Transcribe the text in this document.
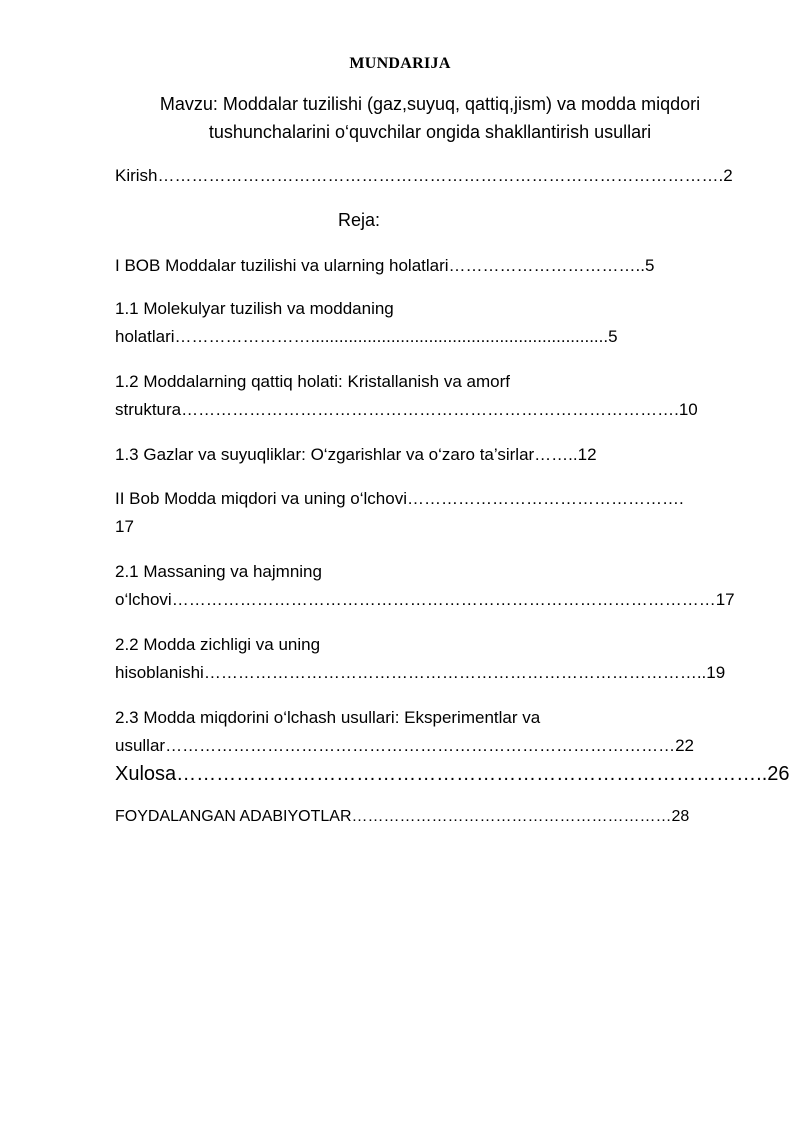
MUNDARIJA
Mavzu: Moddalar tuzilishi (gaz,suyuq, qattiq,jism) va modda miqdori
tushunchalarini o‘quvchilar ongida shakllantirish usullari
Kirish……………………………………………………………………………………….2
Reja:
I BOB Moddalar tuzilishi va ularning holatlari……………………………..5
1.1 Molekulyar tuzilish va moddaning
holatlari……………………...............................................................5
1.2 Moddalarning qattiq holati: Kristallanish va amorf
struktura…………………………………………………………………………….10
1.3 Gazlar va suyuqliklar: O‘zgarishlar va o‘zaro ta’sirlar……..12
II Bob Modda miqdori va uning o‘lchovi………………………………………….
17
2.1 Massaning va hajmning
o‘lchovi……………………………………………………………………………………17
2.2 Modda zichligi va uning
hisoblanishi……………………………………………………………………………..19
2.3 Modda miqdorini o‘lchash usullari: Eksperimentlar va
usullar………………………………………………………………………………22
Xulosa……………………………………………………………………………..26
FOYDALANGAN ADABIYOTLAR……………………………………………………28
